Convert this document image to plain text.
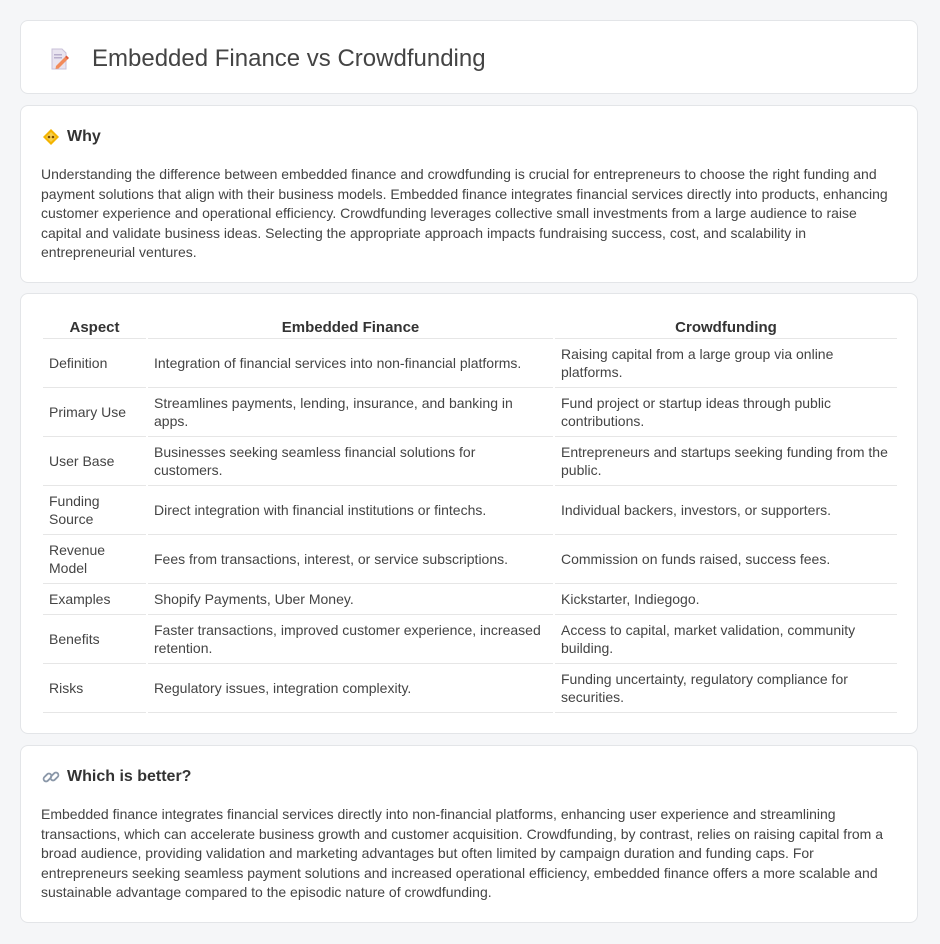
Embedded Finance vs Crowdfunding
Why

Understanding the difference between embedded finance and crowdfunding is crucial for entrepreneurs to choose the right funding and payment solutions that align with their business models. Embedded finance integrates financial services directly into products, enhancing customer experience and operational efficiency. Crowdfunding leverages collective small investments from a large audience to raise capital and validate business ideas. Selecting the appropriate approach impacts fundraising success, cost, and scalability in entrepreneurial ventures.

Aspect	Embedded Finance	Crowdfunding
Definition	Integration of financial services into non-financial platforms.	Raising capital from a large group via online platforms.
Primary Use	Streamlines payments, lending, insurance, and banking in apps.	Fund project or startup ideas through public contributions.
User Base	Businesses seeking seamless financial solutions for customers.	Entrepreneurs and startups seeking funding from the public.
Funding Source	Direct integration with financial institutions or fintechs.	Individual backers, investors, or supporters.
Revenue Model	Fees from transactions, interest, or service subscriptions.	Commission on funds raised, success fees.
Examples	Shopify Payments, Uber Money.	Kickstarter, Indiegogo.
Benefits	Faster transactions, improved customer experience, increased retention.	Access to capital, market validation, community building.
Risks	Regulatory issues, integration complexity.	Funding uncertainty, regulatory compliance for securities.
Which is better?

Embedded finance integrates financial services directly into non-financial platforms, enhancing user experience and streamlining transactions, which can accelerate business growth and customer acquisition. Crowdfunding, by contrast, relies on raising capital from a broad audience, providing validation and marketing advantages but often limited by campaign duration and funding caps. For entrepreneurs seeking seamless payment solutions and increased operational efficiency, embedded finance offers a more scalable and sustainable advantage compared to the episodic nature of crowdfunding.
